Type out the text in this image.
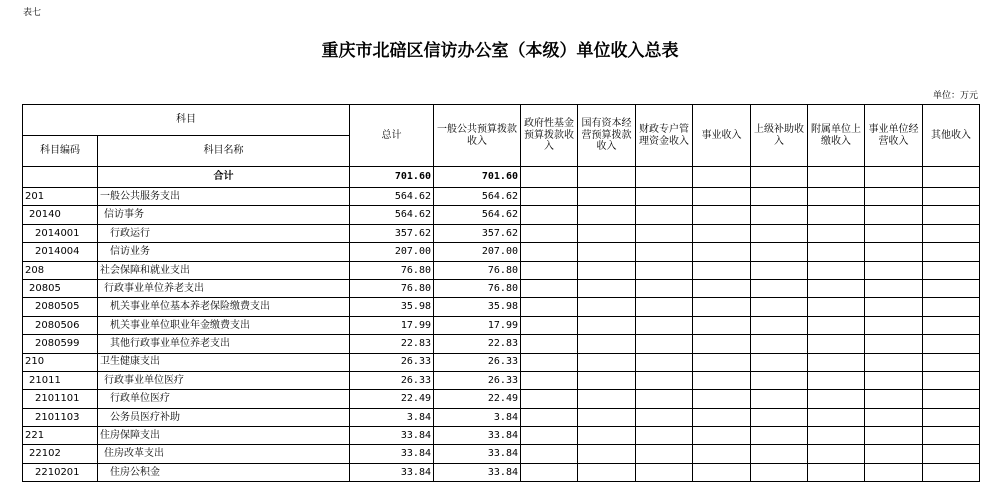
表七
重庆市北碚区信访办公室（本级）单位收入总表
单位：万元
科目		总计	一般公共预算拨款收入	政府性基金预算拨款收入	国有资本经营预算拨款收入	财政专户管理资金收入	事业收入	上级补助收入	附属单位上缴收入	事业单位经营收入	其他收入
科目编码	科目名称										
	合计	701.60	701.60								
201	一般公共服务支出	564.62	564.62								
20140	信访事务	564.62	564.62								
2014001	行政运行	357.62	357.62								
2014004	信访业务	207.00	207.00								
208	社会保障和就业支出	76.80	76.80								
20805	行政事业单位养老支出	76.80	76.80								
2080505	机关事业单位基本养老保险缴费支出	35.98	35.98								
2080506	机关事业单位职业年金缴费支出	17.99	17.99								
2080599	其他行政事业单位养老支出	22.83	22.83								
210	卫生健康支出	26.33	26.33								
21011	行政事业单位医疗	26.33	26.33								
2101101	行政单位医疗	22.49	22.49								
2101103	公务员医疗补助	3.84	3.84								
221	住房保障支出	33.84	33.84								
22102	住房改革支出	33.84	33.84								
2210201	住房公积金	33.84	33.84								
